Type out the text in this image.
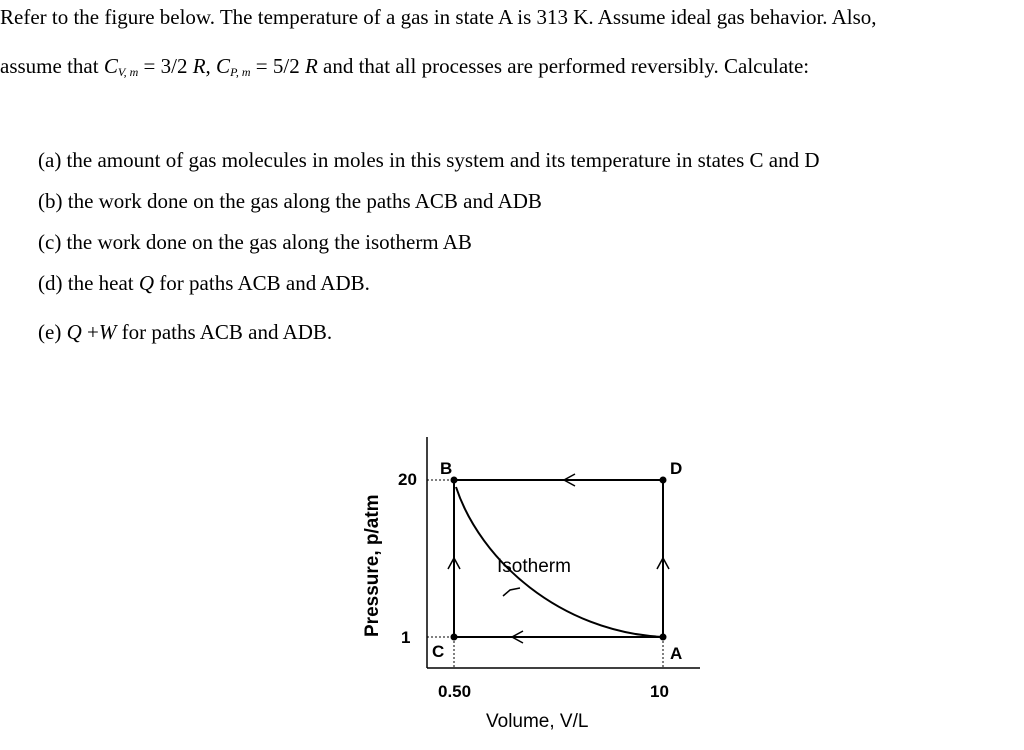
Refer to the figure below. The temperature of a gas in state A is 313 K. Assume ideal gas behavior. Also,
assume that $C_{V, m} = 3/2$ R, $C_{P, m} = 5/2$ R and that all processes are performed reversibly. Calculate:
(a) the amount of gas molecules in moles in this system and its temperature in states C and D
(b) the work done on the gas along the paths ACB and ADB
(c) the work done on the gas along the isotherm AB
(d) the heat Q for paths ACB and ADB.
(e) Q +W for paths ACB and ADB.
B	D
C	A
Isotherm
20
1
0.50	10
Volume, V/L
Pressure, p/atm
